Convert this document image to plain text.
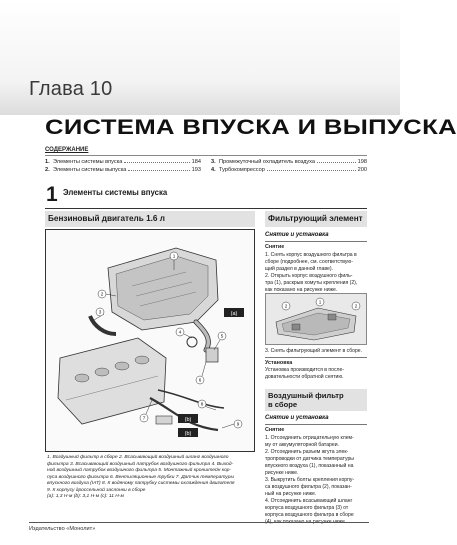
Глава 10
СИСТЕМА ВПУСКА И ВЫПУСКА
СОДЕРЖАНИЕ
1. Элементы системы впуска	184
2. Элементы системы выпуска	193
3. Промежуточный охладитель воздуха	198
4. Турбокомпрессор	200
1 Элементы системы впуска
Бензиновый двигатель 1.6 л	Фильтрующий элемент
(a)
(b)
(b)
1
2
3
4
5
6
7
8
9
1. Воздушный фильтр в сборе 2. Всасывающий воздушный шланг воздушного
фильтра 3. Всасывающий воздушный патрубок воздушного фильтра 4. Выход-
ной воздушный патрубок воздушного фильтра 5. Монтажный кронштейн кор-
пуса воздушного фильтра 6. Вентиляционные трубки 7. Датчик температуры
впускного воздуха (IAT) 8. К водяному патрубку системы охлаждения двигателя
9. К корпусу дроссельной заслонки в сборе
(a): 1,3 Н·м (b): 3,1 Н·м (c): 11 Н·м
Снятие и установка
Снятие
1. Снять корпус воздушного фильтра в сборе (подробнее, см. соответствую-
щий раздел в данной главе).
2. Открыть корпус воздушного филь-
тра (1), раскрыв хомуты крепления (2),
как показано на рисунке ниже.
2
1
2
3. Снять фильтрующий элемент в сборе.
Установка
Установка производится в после-
довательности обратной снятию.
Воздушный фильтр
в сборе
Снятие и установка
Снятие
1. Отсоединить отрицательную клем-
му от аккумуляторной батареи.
2. Отсоединить разъем жгута элек-
тропроводки от датчика температуры
впускного воздуха (1), показанный на
рисунке ниже.
3. Выкрутить болты крепления корпу-
са воздушного фильтра (2), показан-
ный на рисунке ниже.
4. Отсоединить всасывающий шланг
корпуса воздушного фильтра (3) от
корпуса воздушного фильтра в сборе
(4), как показано на рисунке ниже.
Издательство «Монолит»
